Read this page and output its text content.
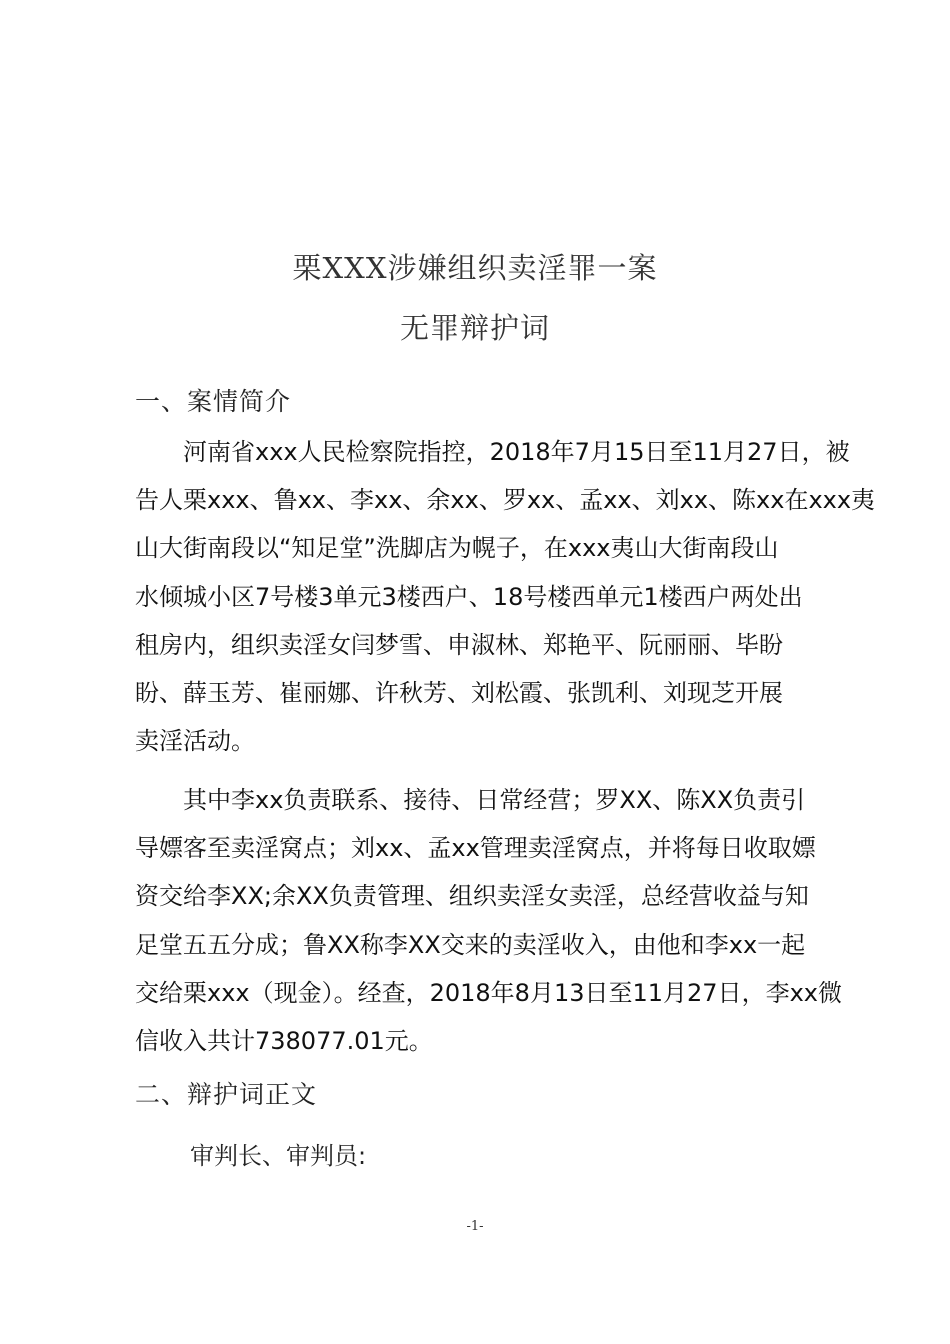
栗XXX涉嫌组织卖淫罪一案
无罪辩护词
一、案情简介
河南省xxx人民检察院指控，2018年7月15日至11月27日，被
告人栗xxx、鲁xx、李xx、余xx、罗xx、孟xx、刘xx、陈xx在xxx夷
山大街南段以“知足堂”洗脚店为幌子，在xxx夷山大街南段山
水倾城小区7号楼3单元3楼西户、18号楼西单元1楼西户两处出
租房内，组织卖淫女闫梦雪、申淑林、郑艳平、阮丽丽、毕盼
盼、薛玉芳、崔丽娜、许秋芳、刘松霞、张凯利、刘现芝开展
卖淫活动。
其中李xx负责联系、接待、日常经营；罗XX、陈XX负责引
导嫖客至卖淫窝点；刘xx、孟xx管理卖淫窝点，并将每日收取嫖
资交给李XX;余XX负责管理、组织卖淫女卖淫，总经营收益与知
足堂五五分成；鲁XX称李XX交来的卖淫收入，由他和李xx一起
交给栗xxx（现金）。经查，2018年8月13日至11月27日，李xx微
信收入共计738077.01元。
二、辩护词正文
审判长、审判员:
-1-
